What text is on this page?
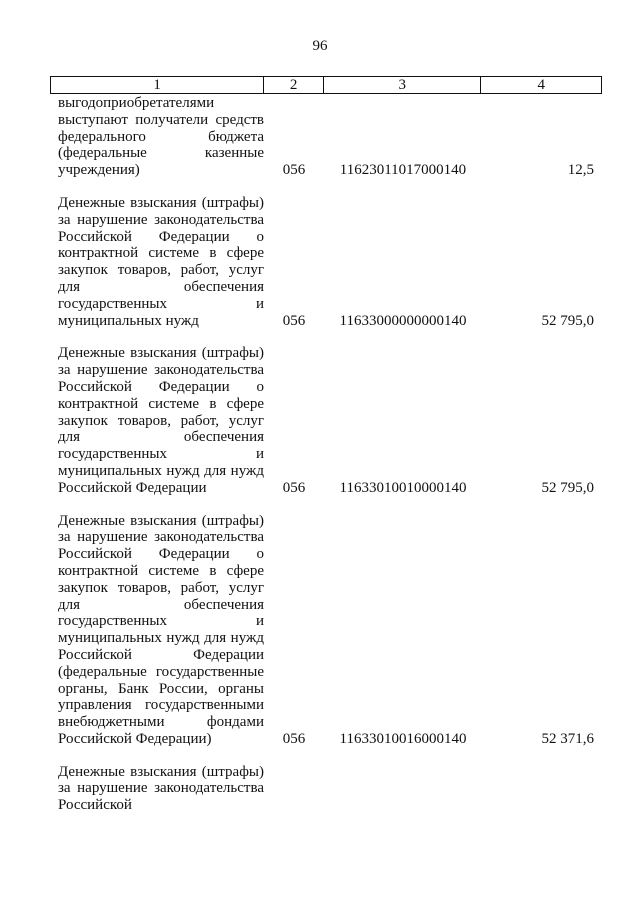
96
1	2	3	4
выгодоприобретателями выступают получатели средств федерального бюджета (федеральные казенные учреждения)	056	11623011017000140	12,5
Денежные взыскания (штрафы) за нарушение законодательства Российской Федерации о контрактной системе в сфере закупок товаров, работ, услуг для обеспечения государственных и муниципальных нужд	056	11633000000000140	52 795,0
Денежные взыскания (штрафы) за нарушение законодательства Российской Федерации о контрактной системе в сфере закупок товаров, работ, услуг для обеспечения государственных и муниципальных нужд для нужд Российской Федерации	056	11633010010000140	52 795,0
Денежные взыскания (штрафы) за нарушение законодательства Российской Федерации о контрактной системе в сфере закупок товаров, работ, услуг для обеспечения государственных и муниципальных нужд для нужд Российской Федерации (федеральные государственные органы, Банк России, органы управления государственными внебюджетными фондами Российской Федерации)	056	11633010016000140	52 371,6
Денежные взыскания (штрафы) за нарушение законодательства Российской
